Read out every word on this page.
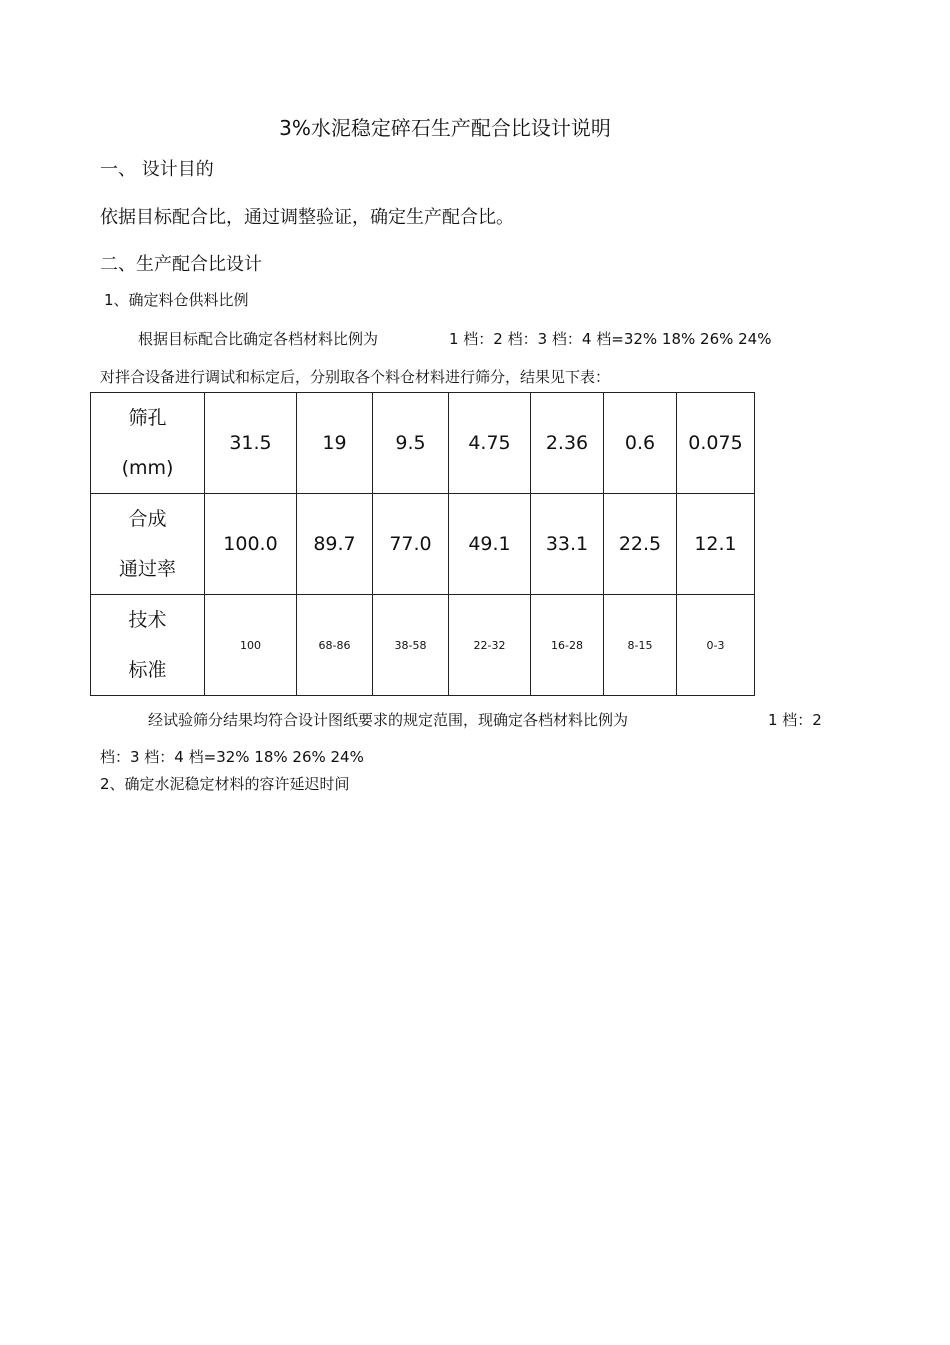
3%水泥稳定碎石生产配合比设计说明
一、 设计目的
依据目标配合比，通过调整验证，确定生产配合比。
二、生产配合比设计
1、确定料仓供料比例
根据目标配合比确定各档材料比例为	1 档：2 档：3 档：4 档=32% 18% 26% 24%
对拌合设备进行调试和标定后，分别取各个料仓材料进行筛分，结果见下表：
筛孔
(mm)	31.5	19	9.5	4.75	2.36	0.6	0.075

合成
通过率	100.0	89.7	77.0	49.1	33.1	22.5	12.1

技术
标准	100	68-86	38-58	22-32	16-28	8-15	0-3
经试验筛分结果均符合设计图纸要求的规定范围，现确定各档材料比例为	1 档：2
档：3 档：4 档=32% 18% 26% 24%
2、确定水泥稳定材料的容许延迟时间
